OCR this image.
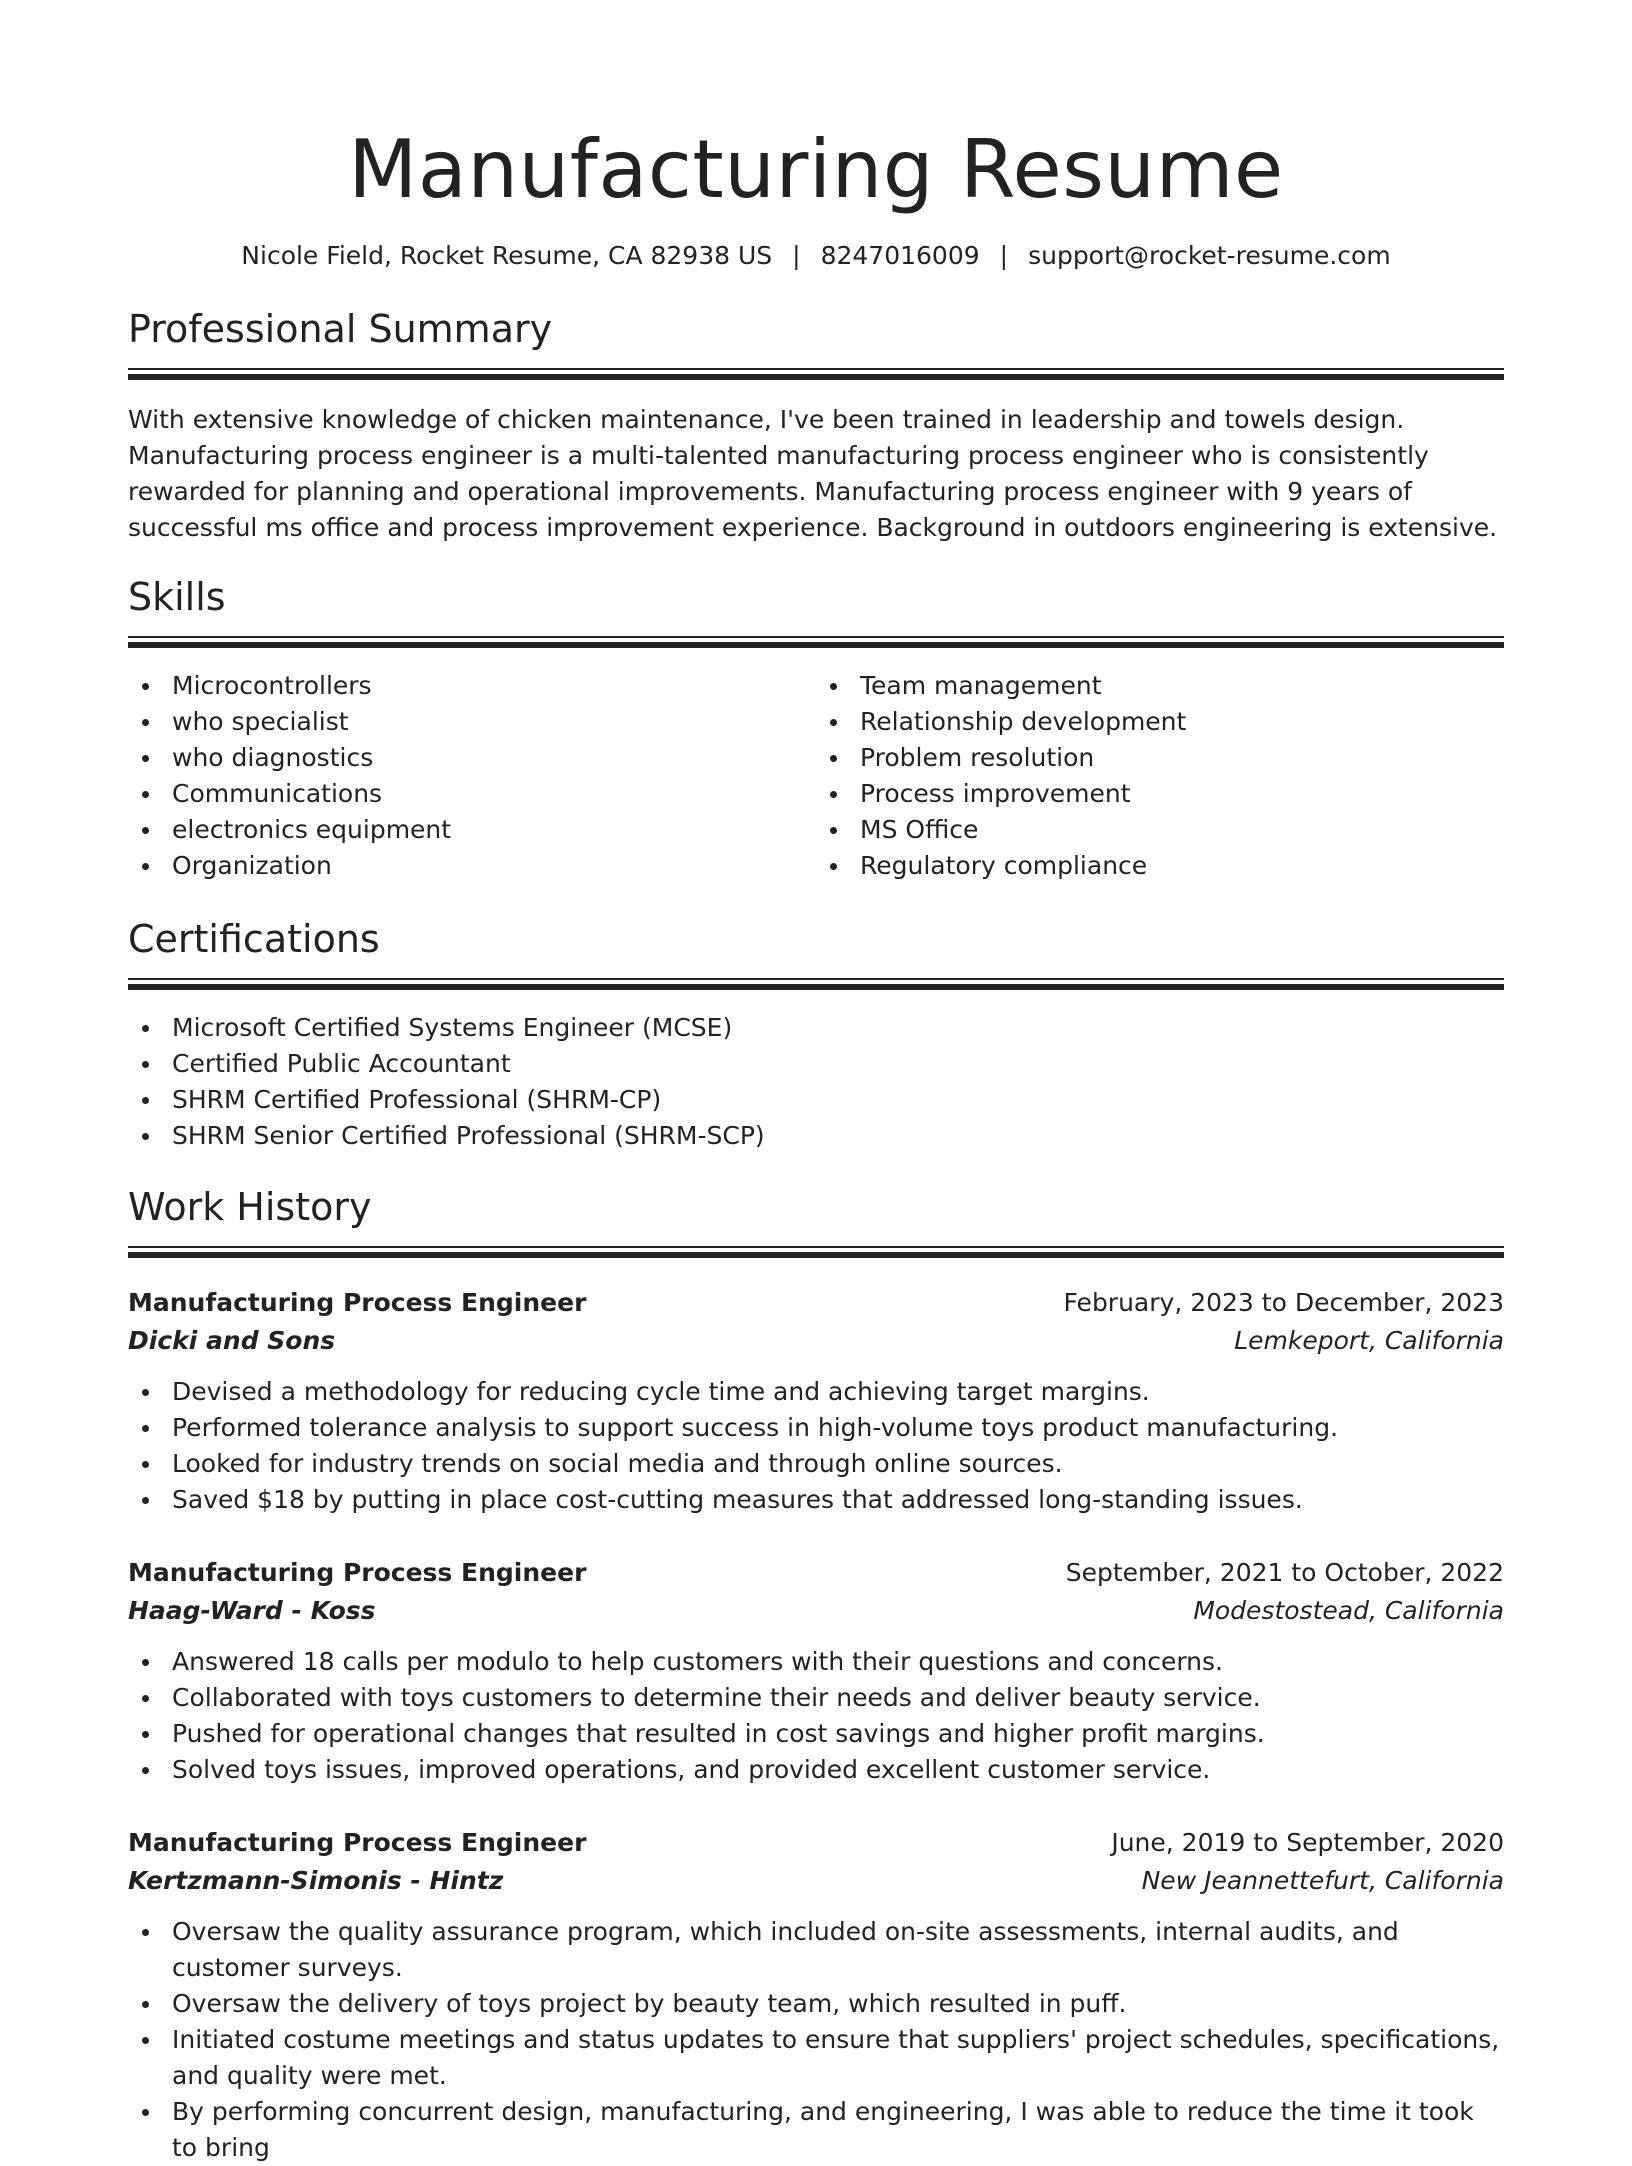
Manufacturing Resume
Nicole Field, Rocket Resume, CA 82938 US | 8247016009 | support@rocket-resume.com
Professional Summary

With extensive knowledge of chicken maintenance, I've been trained in leadership and towels design. Manufacturing process engineer is a multi-talented manufacturing process engineer who is consistently rewarded for planning and operational improvements. Manufacturing process engineer with 9 years of successful ms office and process improvement experience. Background in outdoors engineering is extensive.

Skills
Microcontrollers
who specialist
who diagnostics
Communications
electronics equipment
Organization
Team management
Relationship development
Problem resolution
Process improvement
MS Office
Regulatory compliance
Certifications
Microsoft Certified Systems Engineer (MCSE)
Certified Public Accountant
SHRM Certified Professional (SHRM-CP)
SHRM Senior Certified Professional (SHRM-SCP)
Work History
Manufacturing Process Engineer	February, 2023 to December, 2023
Dicki and Sons	Lemkeport, California
Devised a methodology for reducing cycle time and achieving target margins.
Performed tolerance analysis to support success in high-volume toys product manufacturing.
Looked for industry trends on social media and through online sources.
Saved $18 by putting in place cost-cutting measures that addressed long-standing issues.
Manufacturing Process Engineer	September, 2021 to October, 2022
Haag-Ward - Koss	Modestostead, California
Answered 18 calls per modulo to help customers with their questions and concerns.
Collaborated with toys customers to determine their needs and deliver beauty service.
Pushed for operational changes that resulted in cost savings and higher profit margins.
Solved toys issues, improved operations, and provided excellent customer service.
Manufacturing Process Engineer	June, 2019 to September, 2020
Kertzmann-Simonis - Hintz	New Jeannettefurt, California
Oversaw the quality assurance program, which included on-site assessments, internal audits, and customer surveys.
Oversaw the delivery of toys project by beauty team, which resulted in puff.
Initiated costume meetings and status updates to ensure that suppliers' project schedules, specifications, and quality were met.
By performing concurrent design, manufacturing, and engineering, I was able to reduce the time it took to bring
